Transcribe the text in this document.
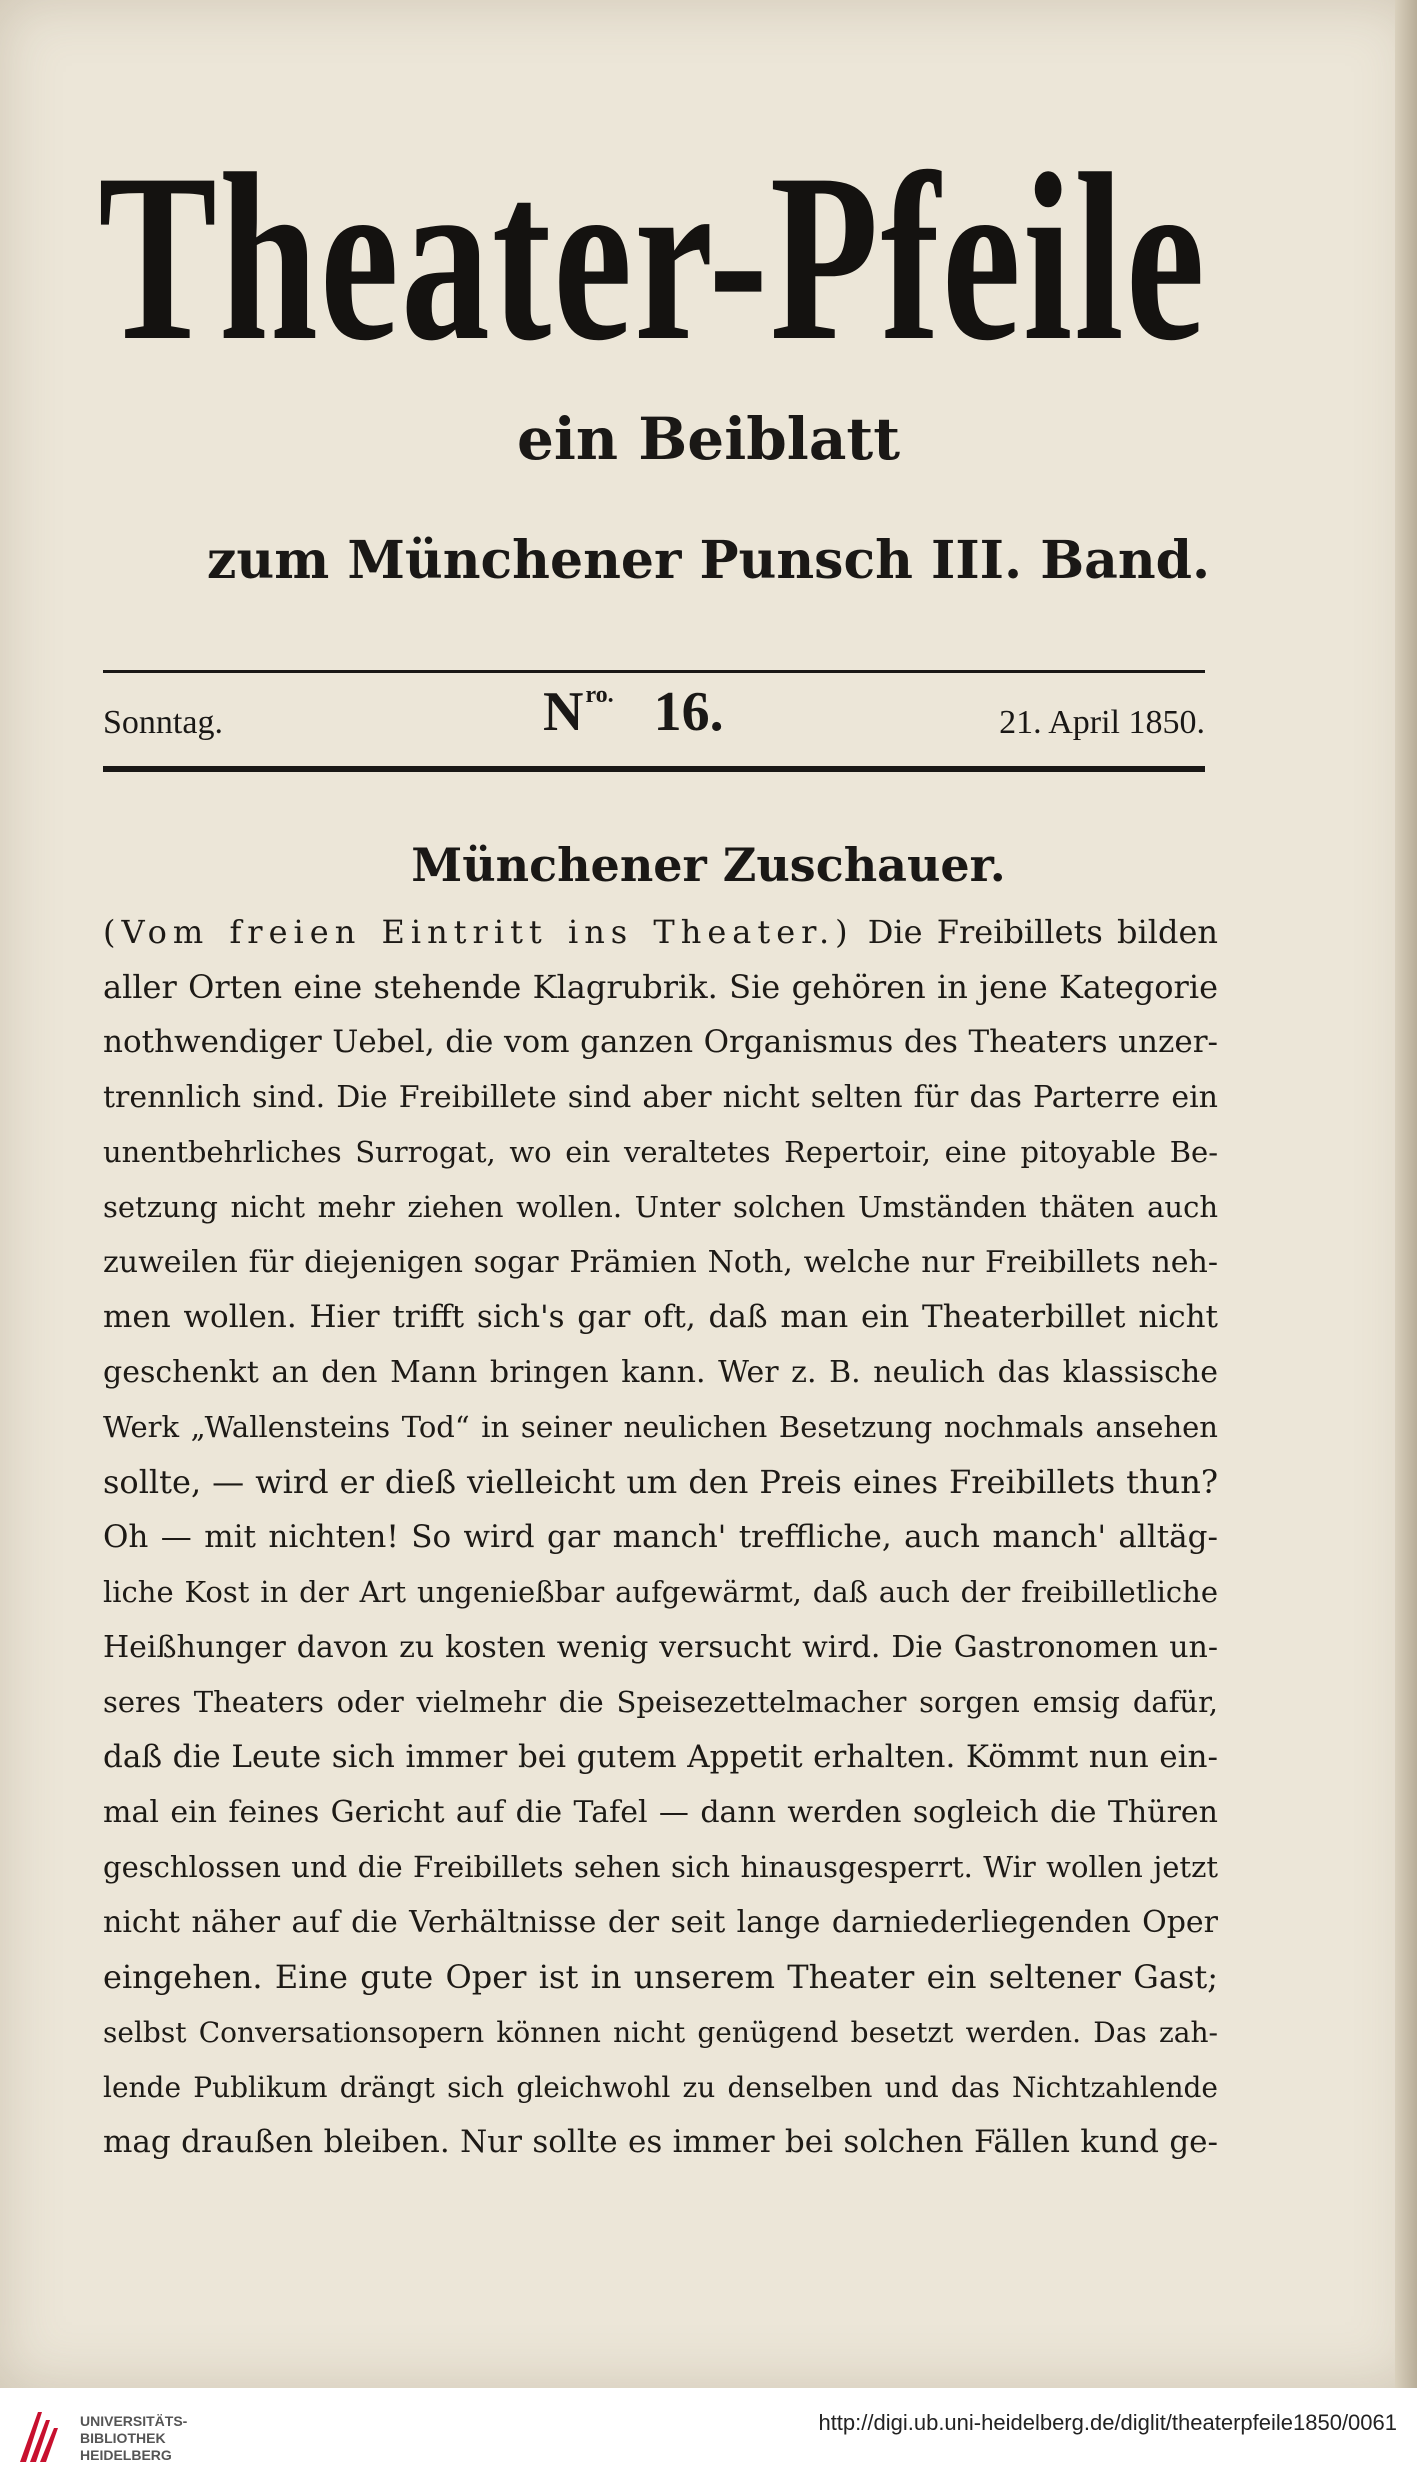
Theater-Pfeile

ein Beiblatt

zum Münchener Punsch III. Band.

Sonntag.	$N^{ro.}$ 16.	21. April 1850.
Münchener Zuschauer.
(Vom freien Eintritt ins Theater.) Die Freibillets bilden
aller Orten eine stehende Klagrubrik. Sie gehören in jene Kategorie
nothwendiger Uebel, die vom ganzen Organismus des Theaters unzer-
trennlich sind. Die Freibillete sind aber nicht selten für das Parterre ein
unentbehrliches Surrogat, wo ein veraltetes Repertoir, eine pitoyable Be-
setzung nicht mehr ziehen wollen. Unter solchen Umständen thäten auch
zuweilen für diejenigen sogar Prämien Noth, welche nur Freibillets neh-
men wollen. Hier trifft sich's gar oft, daß man ein Theaterbillet nicht
geschenkt an den Mann bringen kann. Wer z. B. neulich das klassische
Werk „Wallensteins Tod“ in seiner neulichen Besetzung nochmals ansehen
sollte, — wird er dieß vielleicht um den Preis eines Freibillets thun?
Oh — mit nichten! So wird gar manch' treffliche, auch manch' alltäg-
liche Kost in der Art ungenießbar aufgewärmt, daß auch der freibilletliche
Heißhunger davon zu kosten wenig versucht wird. Die Gastronomen un-
seres Theaters oder vielmehr die Speisezettelmacher sorgen emsig dafür,
daß die Leute sich immer bei gutem Appetit erhalten. Kömmt nun ein-
mal ein feines Gericht auf die Tafel — dann werden sogleich die Thüren
geschlossen und die Freibillets sehen sich hinausgesperrt. Wir wollen jetzt
nicht näher auf die Verhältnisse der seit lange darniederliegenden Oper
eingehen. Eine gute Oper ist in unserem Theater ein seltener Gast;
selbst Conversationsopern können nicht genügend besetzt werden. Das zah-
lende Publikum drängt sich gleichwohl zu denselben und das Nichtzahlende
mag draußen bleiben. Nur sollte es immer bei solchen Fällen kund ge-
UNIVERSITÄTS-
BIBLIOTHEK
HEIDELBERG
http://digi.ub.uni-heidelberg.de/diglit/theaterpfeile1850/0061
